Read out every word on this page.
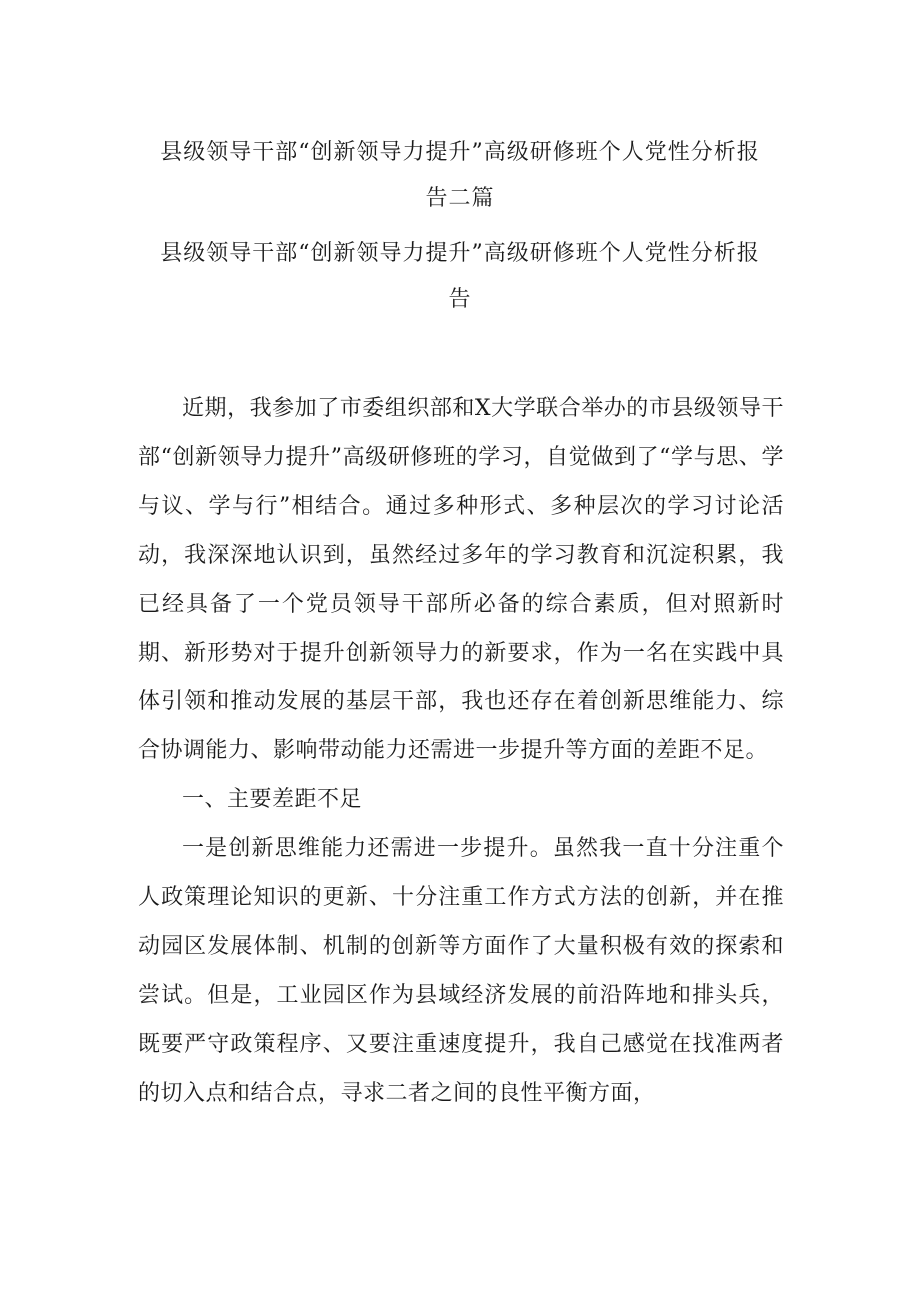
县级领导干部“创新领导力提升”高级研修班个人党性分析报告二篇
县级领导干部“创新领导力提升”高级研修班个人党性分析报告

近期，我参加了市委组织部和X大学联合举办的市县级领导干部“创新领导力提升”高级研修班的学习，自觉做到了“学与思、学与议、学与行”相结合。通过多种形式、多种层次的学习讨论活动，我深深地认识到，虽然经过多年的学习教育和沉淀积累，我已经具备了一个党员领导干部所必备的综合素质，但对照新时期、新形势对于提升创新领导力的新要求，作为一名在实践中具体引领和推动发展的基层干部，我也还存在着创新思维能力、综合协调能力、影响带动能力还需进一步提升等方面的差距不足。

一、主要差距不足

一是创新思维能力还需进一步提升。虽然我一直十分注重个人政策理论知识的更新、十分注重工作方式方法的创新，并在推动园区发展体制、机制的创新等方面作了大量积极有效的探索和尝试。但是，工业园区作为县域经济发展的前沿阵地和排头兵，既要严守政策程序、又要注重速度提升，我自己感觉在找准两者的切入点和结合点，寻求二者之间的良性平衡方面，
